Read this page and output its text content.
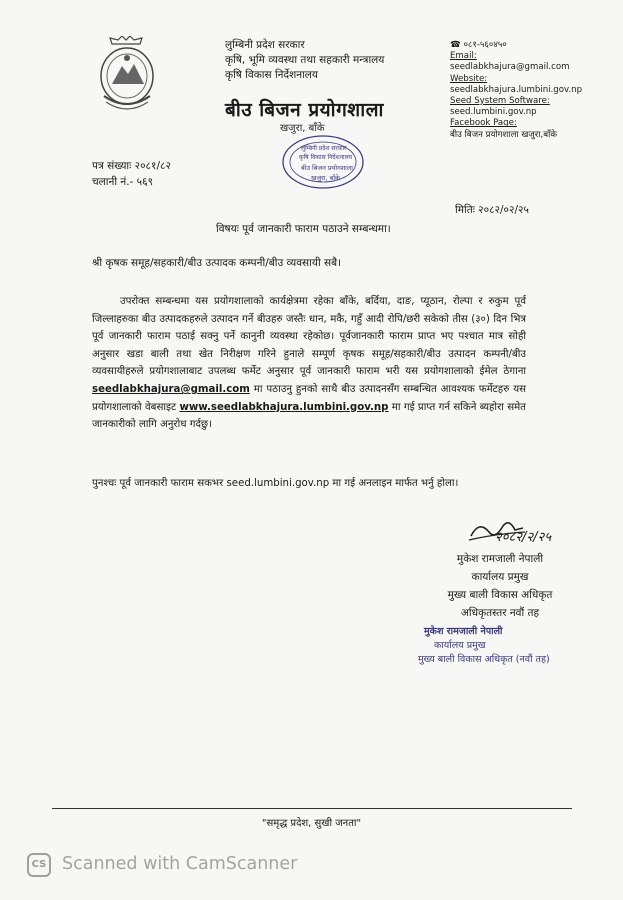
लुम्बिनी प्रदेश सरकार
कृषि, भूमि व्यवस्था तथा सहकारी मन्त्रालय
कृषि विकास निर्देशनालय
बीउ बिजन प्रयोगशाला
☎ ०८१-५६०४५०
Email:
seedlabkhajura@gmail.com
Website:
seedlabkhajura.lumbini.gov.np
Seed System Software:
seed.lumbini.gov.np
Facebook Page:
बीउ बिजन प्रयोगशाला खजुरा,बाँके
खजुरा, बाँके
लुम्बिनी प्रदेश सरकार
कृषि विकास निर्देशनालय
बीउ बिजन प्रयोगशाला
खजुरा, बाँके
पत्र संख्याः २०८१/८२
चलानी नं.- ५६९
मितिः २०८२/०२/२५
विषयः पूर्व जानकारी फाराम पठाउने सम्बन्धमा।
श्री कृषक समूह/सहकारी/बीउ उत्पादक कम्पनी/बीउ व्यवसायी सबै।
उपरोक्त सम्बन्धमा यस प्रयोगशालाको कार्यक्षेत्रमा रहेका बाँके, बर्दिया, दाङ, प्यूठान, रोल्पा र रुकुम पूर्व जिल्लाहरुका बीउ उत्पादकहरुले उत्पादन गर्ने बीउहरु जस्तैः धान, मकै, गहुँ आदी रोपि/छरी सकेको तीस (३०) दिन भित्र पूर्व जानकारी फाराम पठाई सक्नु पर्ने कानुनी व्यवस्था रहेकोछ। पूर्वजानकारी फाराम प्राप्त भए पश्चात मात्र सोही अनुसार खडा बाली तथा खेत निरीक्षण गरिने हुनाले सम्पूर्ण कृषक समूह/सहकारी/बीउ उत्पादन कम्पनी/बीउ व्यवसायीहरुले प्रयोगशालाबाट उपलब्ध फर्मेट अनुसार पूर्व जानकारी फाराम भरी यस प्रयोगशालाको ईमेल ठेगाना seedlabkhajura@gmail.com मा पठाउनु हुनको साथै बीउ उत्पादनसँग सम्बन्धित आवश्यक फर्मेटहरु यस प्रयोगशालाको वेबसाइट www.seedlabkhajura.lumbini.gov.np मा गई प्राप्त गर्न सकिने ब्यहोरा समेत जानकारीको लागि अनुरोध गर्दछु।
पुनश्चः पूर्व जानकारी फाराम सकभर seed.lumbini.gov.np मा गई अनलाइन मार्फत भर्नु होला।
२०८२/२/२५
मुकेश रामजाली नेपाली
कार्यालय प्रमुख
मुख्य बाली विकास अधिकृत
अधिकृतस्तर नवौं तह
मुकेश रामजाली नेपाली
कार्यालय प्रमुख
मुख्य बाली विकास अधिकृत (नवौं तह)
"समृद्ध प्रदेश, सुखी जनता"
CS Scanned with CamScanner
